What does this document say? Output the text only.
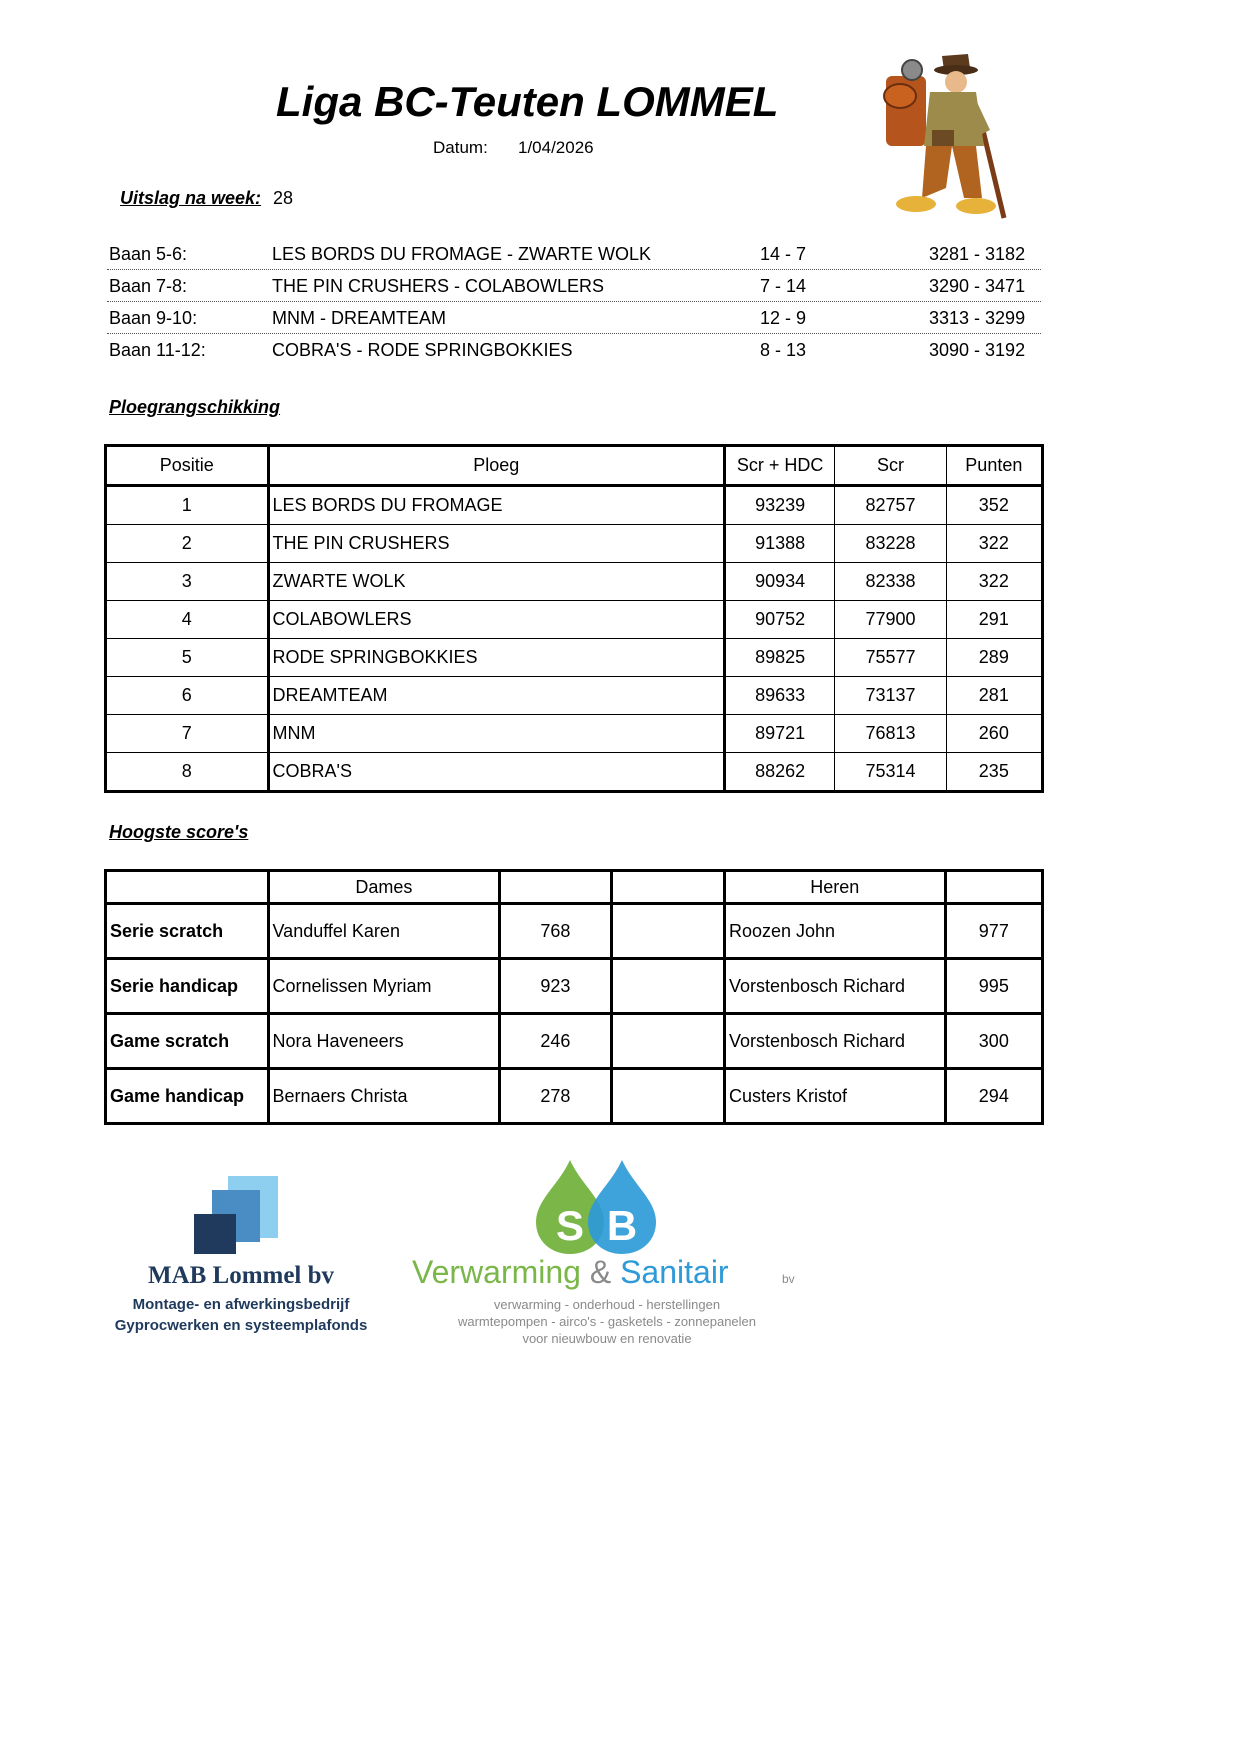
Liga BC-Teuten LOMMEL
Datum: 1/04/2026
Uitslag na week: 28
Baan 5-6:	LES BORDS DU FROMAGE - ZWARTE WOLK	14 - 7	3281 - 3182
Baan 7-8:	THE PIN CRUSHERS - COLABOWLERS	7 - 14	3290 - 3471
Baan 9-10:	MNM - DREAMTEAM	12 - 9	3313 - 3299
Baan 11-12:	COBRA'S - RODE SPRINGBOKKIES	8 - 13	3090 - 3192
Ploegrangschikking
Positie	Ploeg	Scr + HDC	Scr	Punten
1	LES BORDS DU FROMAGE	93239	82757	352
2	THE PIN CRUSHERS	91388	83228	322
3	ZWARTE WOLK	90934	82338	322
4	COLABOWLERS	90752	77900	291
5	RODE SPRINGBOKKIES	89825	75577	289
6	DREAMTEAM	89633	73137	281
7	MNM	89721	76813	260
8	COBRA'S	88262	75314	235
Hoogste score's
	Dames			Heren	
Serie scratch	Vanduffel Karen	768		Roozen John	977
Serie handicap	Cornelissen Myriam	923		Vorstenbosch Richard	995
Game scratch	Nora Haveneers	246		Vorstenbosch Richard	300
Game handicap	Bernaers Christa	278		Custers Kristof	294
MAB Lommel bv
Montage- en afwerkingsbedrijf
Gyprocwerken en systeemplafonds
S B
Verwarming & Sanitair	bv
verwarming - onderhoud - herstellingen
warmtepompen - airco's - gasketels - zonnepanelen
voor nieuwbouw en renovatie
